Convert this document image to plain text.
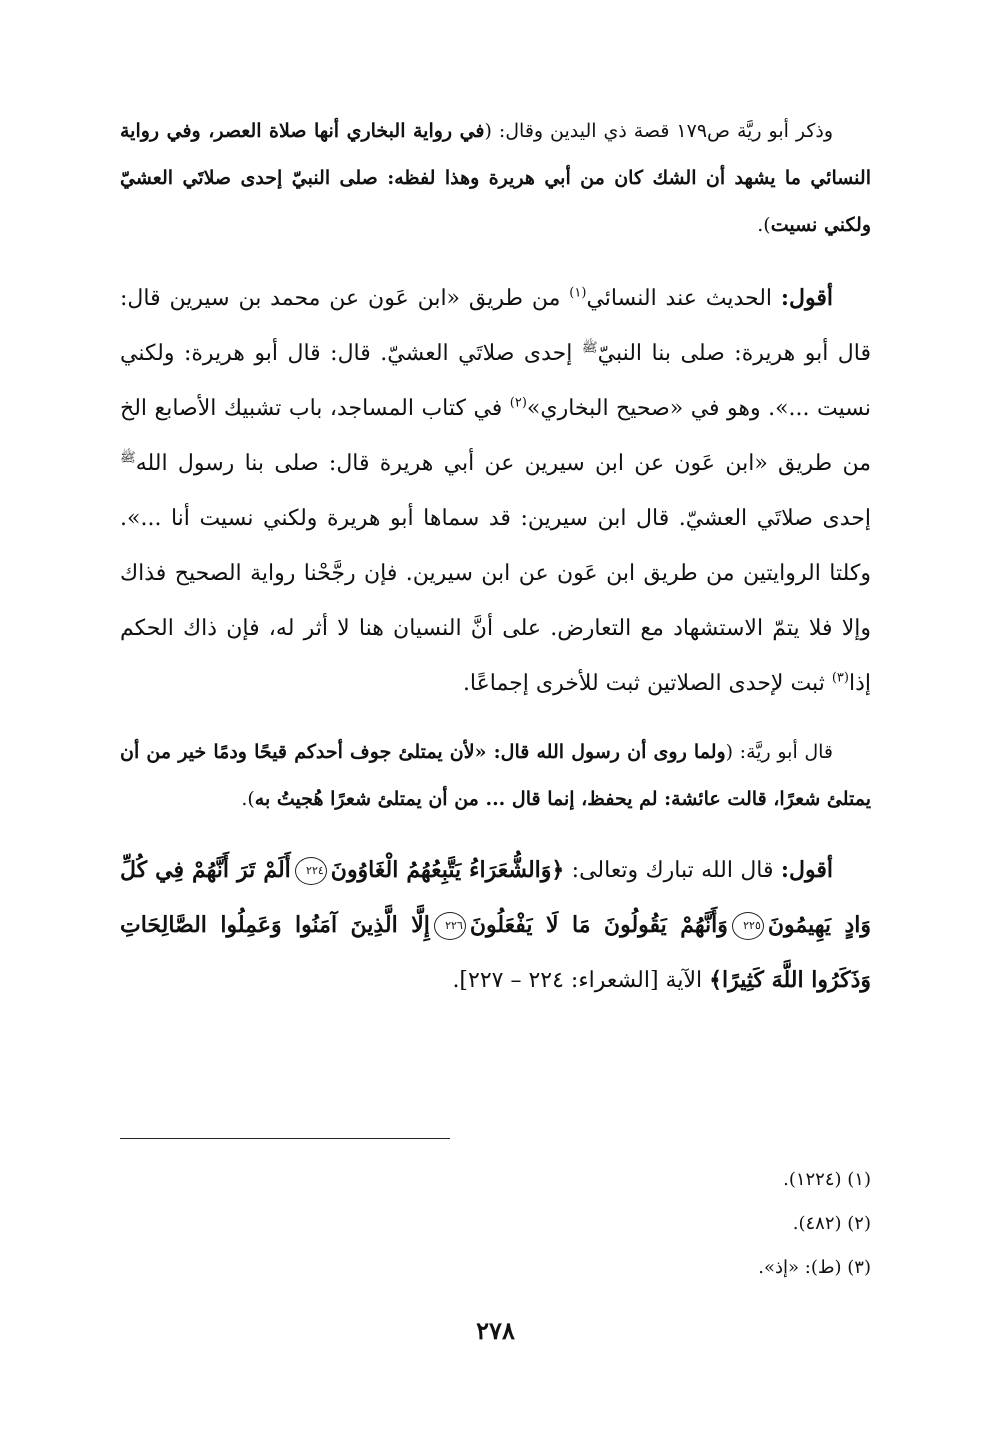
وذكر أبو ريَّة ص١٧٩ قصة ذي اليدين وقال: (في رواية البخاري أنها صلاة العصر، وفي رواية النسائي ما يشهد أن الشك كان من أبي هريرة وهذا لفظه: صلى النبيّ إحدى صلاتَي العشيّ ولكني نسيت).

أقول: الحديث عند النسائي$^{(١)}$ من طريق «ابن عَون عن محمد بن سيرين قال: قال أبو هريرة: صلى بنا النبيّ$^ﷺ$ إحدى صلاتَي العشيّ. قال: قال أبو هريرة: ولكني نسيت ...». وهو في «صحيح البخاري»$^{(٢)}$ في كتاب المساجد، باب تشبيك الأصابع الخ من طريق «ابن عَون عن ابن سيرين عن أبي هريرة قال: صلى بنا رسول الله$^ﷺ$ إحدى صلاتَي العشيّ. قال ابن سيرين: قد سماها أبو هريرة ولكني نسيت أنا ...». وكلتا الروايتين من طريق ابن عَون عن ابن سيرين. فإن رجَّحْنا رواية الصحيح فذاك وإلا فلا يتمّ الاستشهاد مع التعارض. على أنَّ النسيان هنا لا أثر له، فإن ذاك الحكم إذا$^{(٣)}$ ثبت لإحدى الصلاتين ثبت للأخرى إجماعًا.

قال أبو ريَّة: (ولما روى أن رسول الله قال: «لأن يمتلئ جوف أحدكم قيحًا ودمًا خير من أن يمتلئ شعرًا، قالت عائشة: لم يحفظ، إنما قال ... من أن يمتلئ شعرًا هُجيتُ به).

أقول: قال الله تبارك وتعالى: ﴿وَالشُّعَرَاءُ يَتَّبِعُهُمُ الْغَاوُونَ٢٢٤أَلَمْ تَرَ أَنَّهُمْ فِي كُلِّ وَادٍ يَهِيمُونَ٢٢٥وَأَنَّهُمْ يَقُولُونَ مَا لَا يَفْعَلُونَ٢٢٦إِلَّا الَّذِينَ آمَنُوا وَعَمِلُوا الصَّالِحَاتِ وَذَكَرُوا اللَّهَ كَثِيرًا﴾ الآية [الشعراء: ٢٢٤ – ٢٢٧].

(١) (١٢٢٤).

(٢) (٤٨٢).

(٣) (ط): «إذ».

٢٧٨
